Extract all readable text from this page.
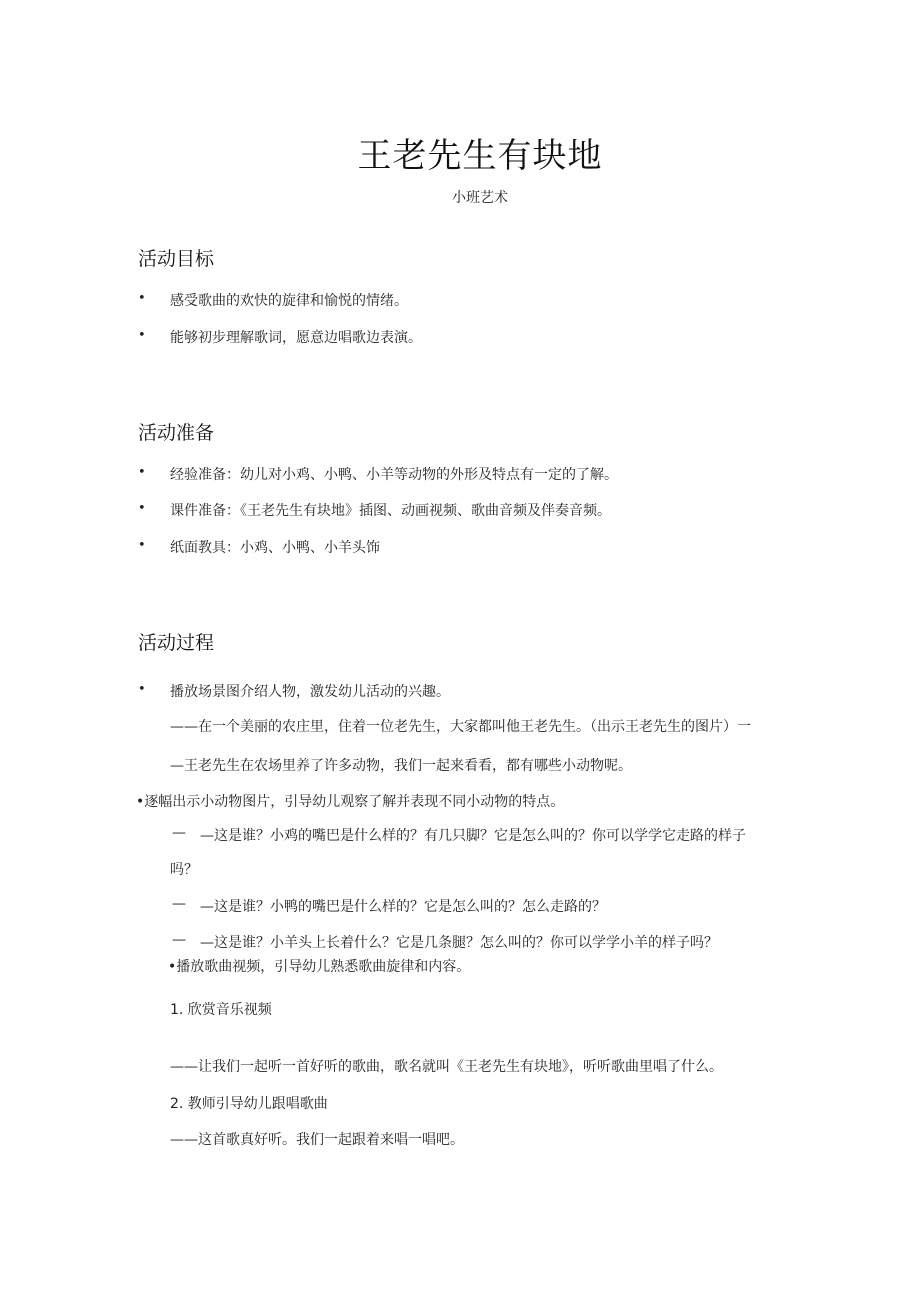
王老先生有块地
小班艺术
活动目标
• 感受歌曲的欢快的旋律和愉悦的情绪。
• 能够初步理解歌词，愿意边唱歌边表演。
活动准备
• 经验准备：幼儿对小鸡、小鸭、小羊等动物的外形及特点有一定的了解。
• 课件准备：《王老先生有块地》插图、动画视频、歌曲音频及伴奏音频。
• 纸面教具：小鸡、小鸭、小羊头饰
活动过程
• 播放场景图介绍人物，激发幼儿活动的兴趣。
——在一个美丽的农庄里，住着一位老先生，大家都叫他王老先生。（出示王老先生的图片）一
—王老先生在农场里养了许多动物，我们一起来看看，都有哪些小动物呢。
•逐幅出示小动物图片，引导幼儿观察了解并表现不同小动物的特点。
— —这是谁？小鸡的嘴巴是什么样的？有几只脚？它是怎么叫的？你可以学学它走路的样子
吗？
— —这是谁？小鸭的嘴巴是什么样的？它是怎么叫的？怎么走路的？
— —这是谁？小羊头上长着什么？它是几条腿？怎么叫的？你可以学学小羊的样子吗？
•播放歌曲视频，引导幼儿熟悉歌曲旋律和内容。
1. 欣赏音乐视频
——让我们一起听一首好听的歌曲，歌名就叫《王老先生有块地》，听听歌曲里唱了什么。
2. 教师引导幼儿跟唱歌曲
——这首歌真好听。我们一起跟着来唱一唱吧。
